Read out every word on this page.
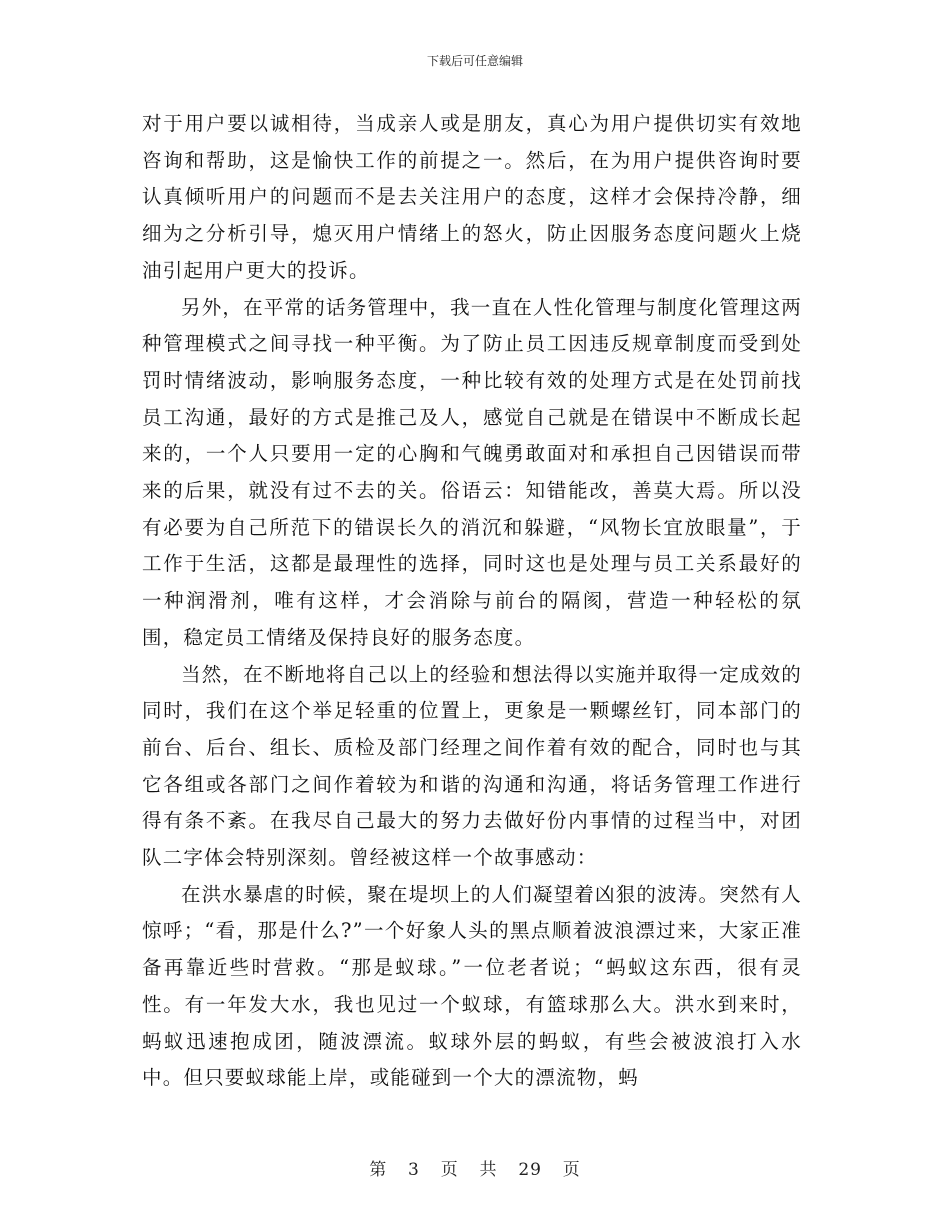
下载后可任意编辑

对于用户要以诚相待，当成亲人或是朋友，真心为用户提供切实有效地咨询和帮助，这是愉快工作的前提之一。然后，在为用户提供咨询时要认真倾听用户的问题而不是去关注用户的态度，这样才会保持冷静，细细为之分析引导，熄灭用户情绪上的怒火，防止因服务态度问题火上烧油引起用户更大的投诉。

另外，在平常的话务管理中，我一直在人性化管理与制度化管理这两种管理模式之间寻找一种平衡。为了防止员工因违反规章制度而受到处罚时情绪波动，影响服务态度，一种比较有效的处理方式是在处罚前找员工沟通，最好的方式是推己及人，感觉自己就是在错误中不断成长起来的，一个人只要用一定的心胸和气魄勇敢面对和承担自己因错误而带来的后果，就没有过不去的关。俗语云：知错能改，善莫大焉。所以没有必要为自己所范下的错误长久的消沉和躲避，“风物长宜放眼量”，于工作于生活，这都是最理性的选择，同时这也是处理与员工关系最好的一种润滑剂，唯有这样，才会消除与前台的隔阂，营造一种轻松的氛围，稳定员工情绪及保持良好的服务态度。

当然，在不断地将自己以上的经验和想法得以实施并取得一定成效的同时，我们在这个举足轻重的位置上，更象是一颗螺丝钉，同本部门的前台、后台、组长、质检及部门经理之间作着有效的配合，同时也与其它各组或各部门之间作着较为和谐的沟通和沟通，将话务管理工作进行得有条不紊。在我尽自己最大的努力去做好份内事情的过程当中，对团队二字体会特别深刻。曾经被这样一个故事感动：

在洪水暴虐的时候，聚在堤坝上的人们凝望着凶狠的波涛。突然有人惊呼；“看，那是什么?”一个好象人头的黑点顺着波浪漂过来，大家正准备再靠近些时营救。“那是蚁球。”一位老者说；“蚂蚁这东西，很有灵性。有一年发大水，我也见过一个蚁球，有篮球那么大。洪水到来时，蚂蚁迅速抱成团，随波漂流。蚁球外层的蚂蚁，有些会被波浪打入水中。但只要蚁球能上岸，或能碰到一个大的漂流物，蚂

第 3 页 共 29 页
